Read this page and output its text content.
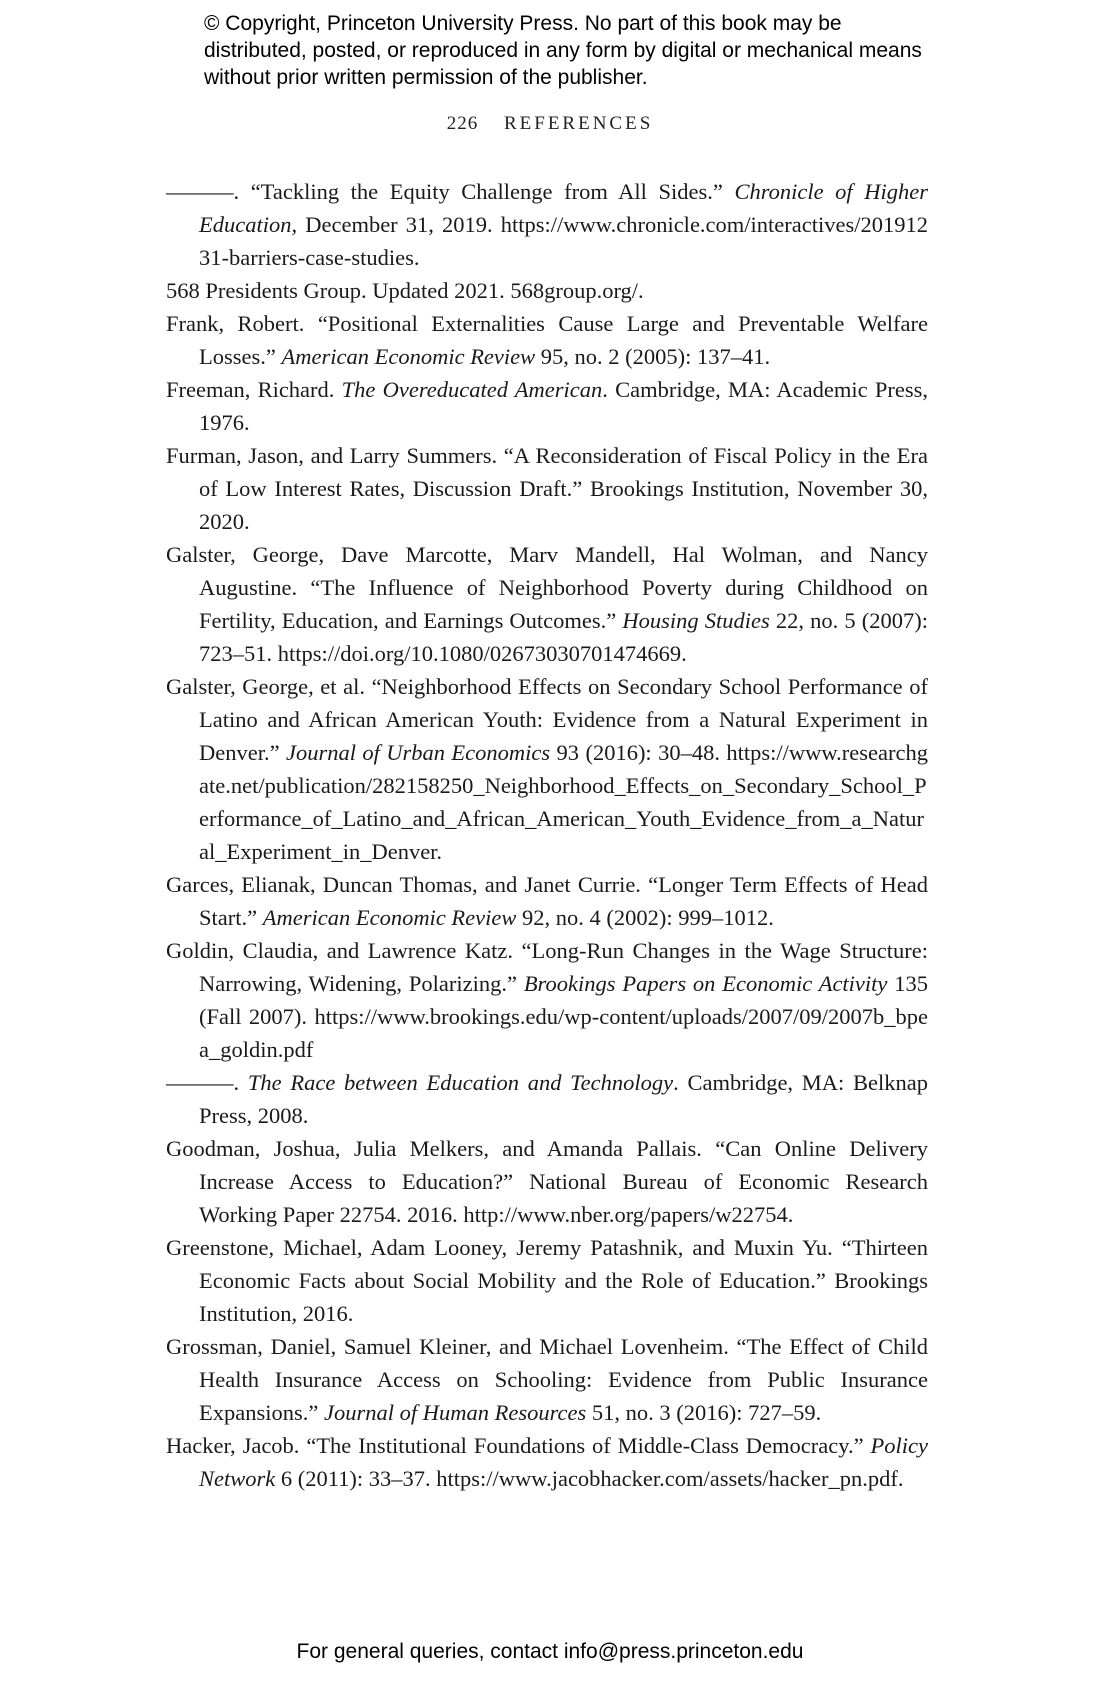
© Copyright, Princeton University Press. No part of this book may be distributed, posted, or reproduced in any form by digital or mechanical means without prior written permission of the publisher.
226 REFERENCES

———. “Tackling the Equity Challenge from All Sides.” Chronicle of Higher Education, December 31, 2019. https://www.chronicle.com/interactives/20191231-barriers-case-studies.

568 Presidents Group. Updated 2021. 568group.org/.

Frank, Robert. “Positional Externalities Cause Large and Preventable Welfare Losses.” American Economic Review 95, no. 2 (2005): 137–41.

Freeman, Richard. The Overeducated American. Cambridge, MA: Academic Press, 1976.

Furman, Jason, and Larry Summers. “A Reconsideration of Fiscal Policy in the Era of Low Interest Rates, Discussion Draft.” Brookings Institution, November 30, 2020.

Galster, George, Dave Marcotte, Marv Mandell, Hal Wolman, and Nancy Augustine. “The Influence of Neighborhood Poverty during Childhood on Fertility, Education, and Earnings Outcomes.” Housing Studies 22, no. 5 (2007): 723–51. https://doi.org/10.1080/02673030701474669.

Galster, George, et al. “Neighborhood Effects on Secondary School Performance of Latino and African American Youth: Evidence from a Natural Experiment in Denver.” Journal of Urban Economics 93 (2016): 30–48. https://www.researchgate.net/publication/282158250_Neighborhood_Effects_on_Secondary_School_Performance_of_Latino_and_African_American_Youth_Evidence_from_a_Natural_Experiment_in_Denver.

Garces, Elianak, Duncan Thomas, and Janet Currie. “Longer Term Effects of Head Start.” American Economic Review 92, no. 4 (2002): 999–1012.

Goldin, Claudia, and Lawrence Katz. “Long-Run Changes in the Wage Structure: Narrowing, Widening, Polarizing.” Brookings Papers on Economic Activity 135 (Fall 2007). https://www.brookings.edu/wp-content/uploads/2007/09/2007b_bpea_goldin.pdf

———. The Race between Education and Technology. Cambridge, MA: Belknap Press, 2008.

Goodman, Joshua, Julia Melkers, and Amanda Pallais. “Can Online Delivery Increase Access to Education?” National Bureau of Economic Research Working Paper 22754. 2016. http://www.nber.org/papers/w22754.

Greenstone, Michael, Adam Looney, Jeremy Patashnik, and Muxin Yu. “Thirteen Economic Facts about Social Mobility and the Role of Education.” Brookings Institution, 2016.

Grossman, Daniel, Samuel Kleiner, and Michael Lovenheim. “The Effect of Child Health Insurance Access on Schooling: Evidence from Public Insurance Expansions.” Journal of Human Resources 51, no. 3 (2016): 727–59.

Hacker, Jacob. “The Institutional Foundations of Middle-Class Democracy.” Policy Network 6 (2011): 33–37. https://www.jacobhacker.com/assets/hacker_pn.pdf.

For general queries, contact info@press.princeton.edu
